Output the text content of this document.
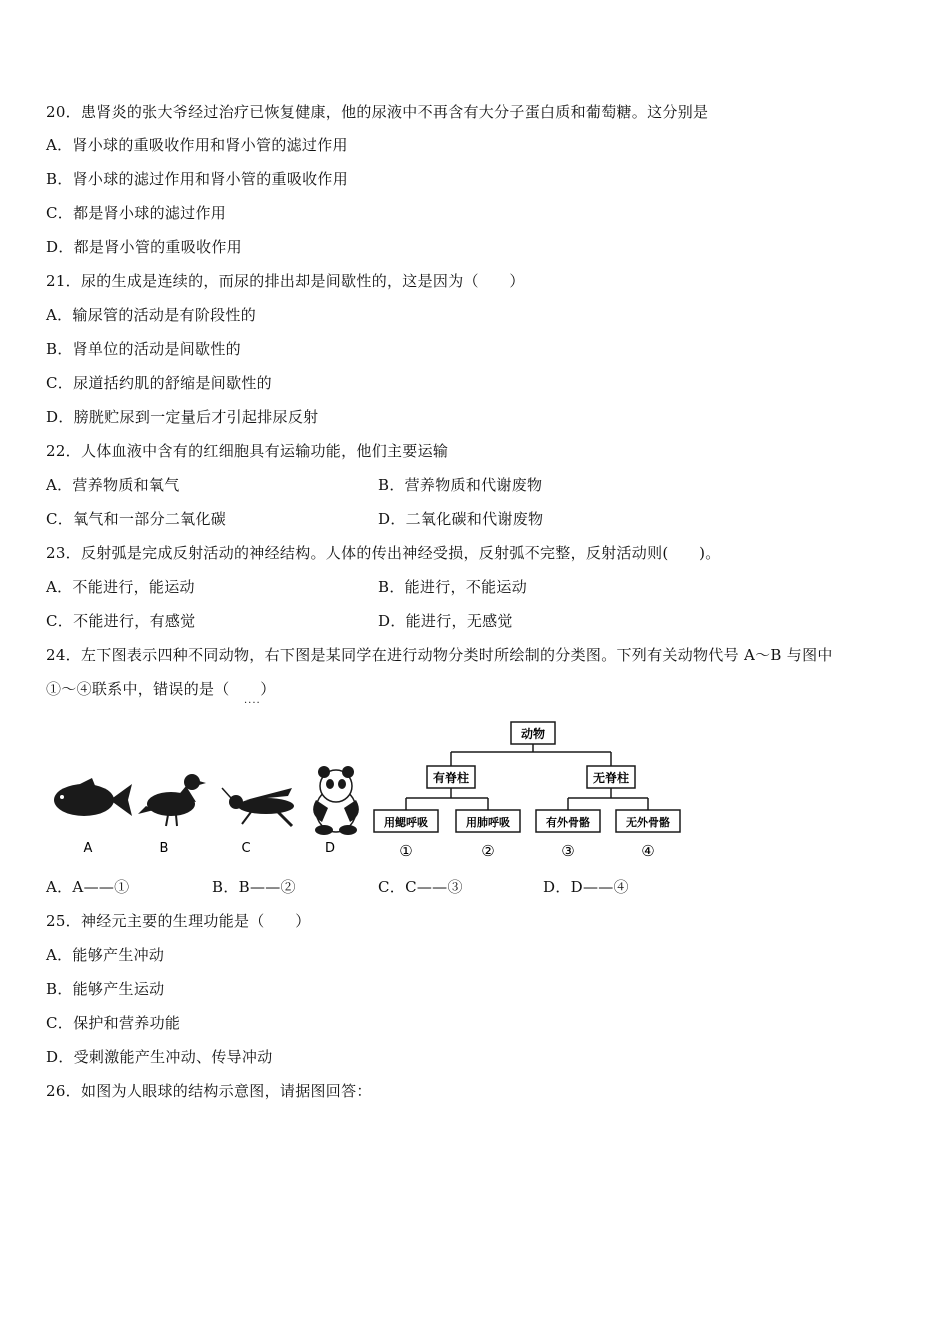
20．患肾炎的张大爷经过治疗已恢复健康，他的尿液中不再含有大分子蛋白质和葡萄糖。这分别是
A．肾小球的重吸收作用和肾小管的滤过作用
B．肾小球的滤过作用和肾小管的重吸收作用
C．都是肾小球的滤过作用
D．都是肾小管的重吸收作用
21．尿的生成是连续的，而尿的排出却是间歇性的，这是因为（　　）
A．输尿管的活动是有阶段性的
B．肾单位的活动是间歇性的
C．尿道括约肌的舒缩是间歇性的
D．膀胱贮尿到一定量后才引起排尿反射
22．人体血液中含有的红细胞具有运输功能，他们主要运输
A．营养物质和氧气	B．营养物质和代谢废物
C．氧气和一部分二氧化碳	D．二氧化碳和代谢废物
23．反射弧是完成反射活动的神经结构。人体的传出神经受损，反射弧不完整，反射活动则(　　)。
A．不能进行，能运动	B．能进行，不能运动
C．不能进行，有感觉	D．能进行，无感觉
24．左下图表示四种不同动物，右下图是某同学在进行动物分类时所绘制的分类图。下列有关动物代号 A～B 与图中
①～④联系中，错误的是（　　）
....
A	B	C	D
动物
有脊柱	无脊柱
用鳃呼吸	用肺呼吸	有外骨骼	无外骨骼
①	②	③	④
A．A——①	B．B——②	C．C——③	D．D——④
25．神经元主要的生理功能是（　　）
A．能够产生冲动
B．能够产生运动
C．保护和营养功能
D．受刺激能产生冲动、传导冲动
26．如图为人眼球的结构示意图，请据图回答：
